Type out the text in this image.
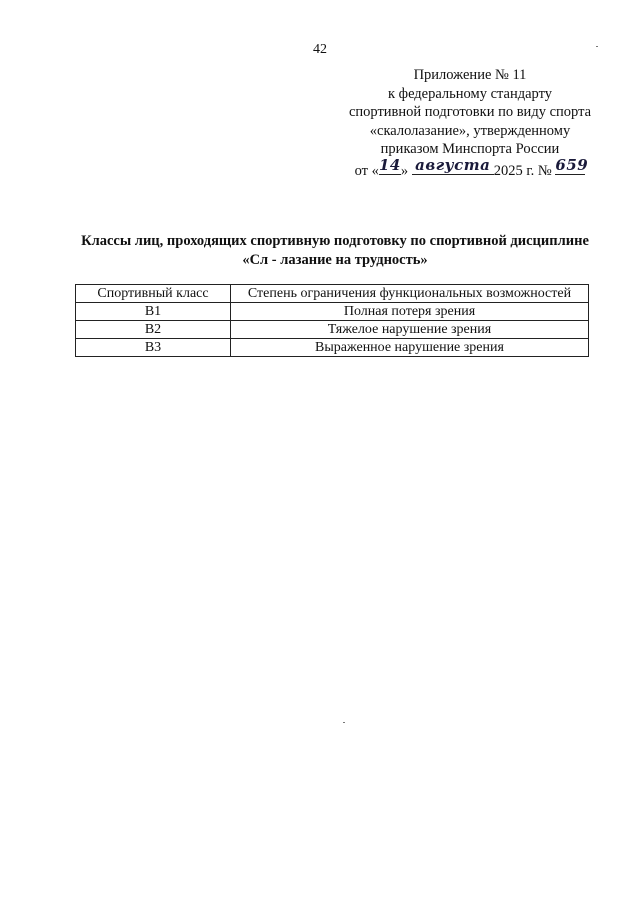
42
Приложение № 11
к федеральному стандарту
спортивной подготовки по виду спорта
«скалолазание», утвержденному
приказом Минспорта России
от « 14 » августа 2025 г. № 659
Классы лиц, проходящих спортивную подготовку по спортивной дисциплине
«Сл - лазание на трудность»
Спортивный класс	Степень ограничения функциональных возможностей
В1	Полная потеря зрения
В2	Тяжелое нарушение зрения
В3	Выраженное нарушение зрения
